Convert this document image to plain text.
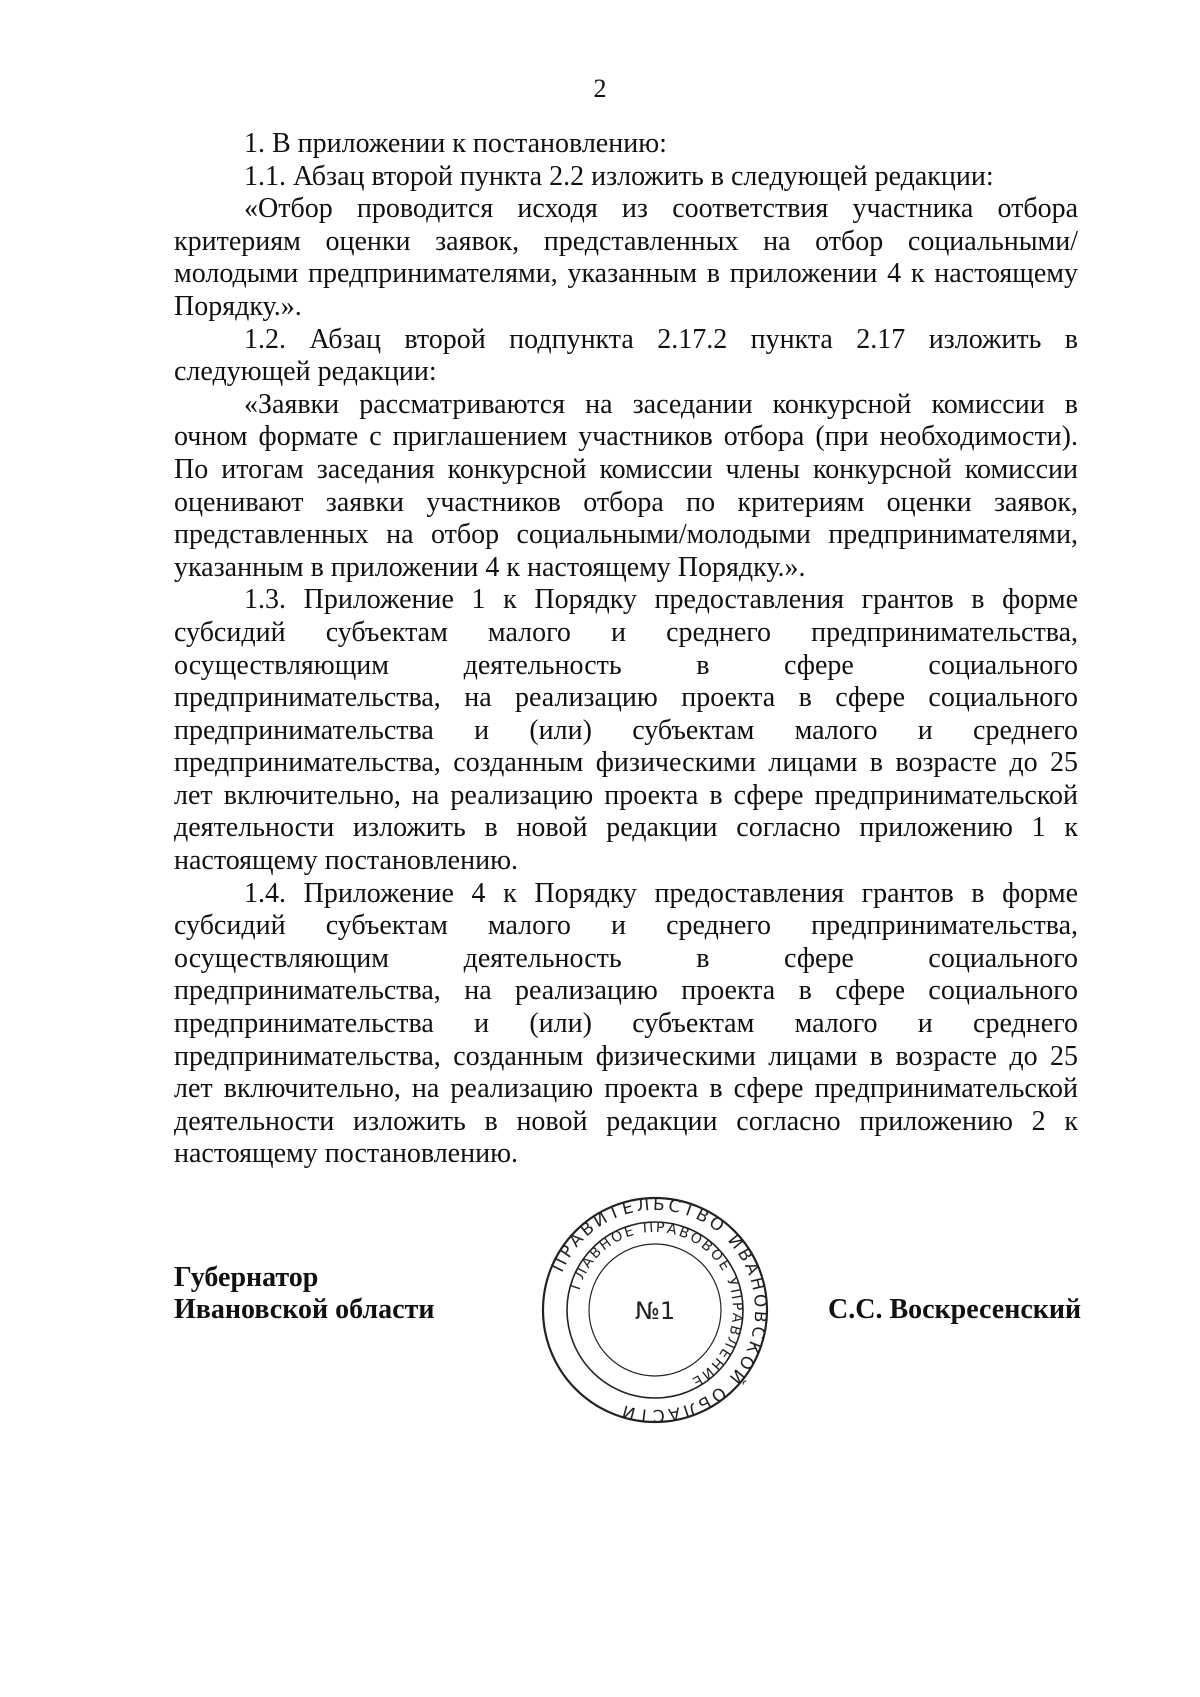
2

1. В приложении к постановлению:

1.1. Абзац второй пункта 2.2 изложить в следующей редакции:

«Отбор проводится исходя из соответствия участника отбора критериям оценки заявок, представленных на отбор социальными/молодыми предпринимателями, указанным в приложении 4 к настоящему Порядку.».

1.2. Абзац второй подпункта 2.17.2 пункта 2.17 изложить в следующей редакции:

«Заявки рассматриваются на заседании конкурсной комиссии в очном формате с приглашением участников отбора (при необходимости). По итогам заседания конкурсной комиссии члены конкурсной комиссии оценивают заявки участников отбора по критериям оценки заявок, представленных на отбор социальными/молодыми предпринимателями, указанным в приложении 4 к настоящему Порядку.».

1.3. Приложение 1 к Порядку предоставления грантов в форме субсидий субъектам малого и среднего предпринимательства, осуществляющим деятельность в сфере социального предпринимательства, на реализацию проекта в сфере социального предпринимательства и (или) субъектам малого и среднего предпринимательства, созданным физическими лицами в возрасте до 25 лет включительно, на реализацию проекта в сфере предпринимательской деятельности изложить в новой редакции согласно приложению 1 к настоящему постановлению.

1.4. Приложение 4 к Порядку предоставления грантов в форме субсидий субъектам малого и среднего предпринимательства, осуществляющим деятельность в сфере социального предпринимательства, на реализацию проекта в сфере социального предпринимательства и (или) субъектам малого и среднего предпринимательства, созданным физическими лицами в возрасте до 25 лет включительно, на реализацию проекта в сфере предпринимательской деятельности изложить в новой редакции согласно приложению 2 к настоящему постановлению.

Губернатор
Ивановской области
ПРАВИТЕЛЬСТВО ИВАНОВСКОЙ ОБЛАСТИ
ГЛАВНОЕ ПРАВОВОЕ УПРАВЛЕНИЕ
№1	С.С. Воскресенский
